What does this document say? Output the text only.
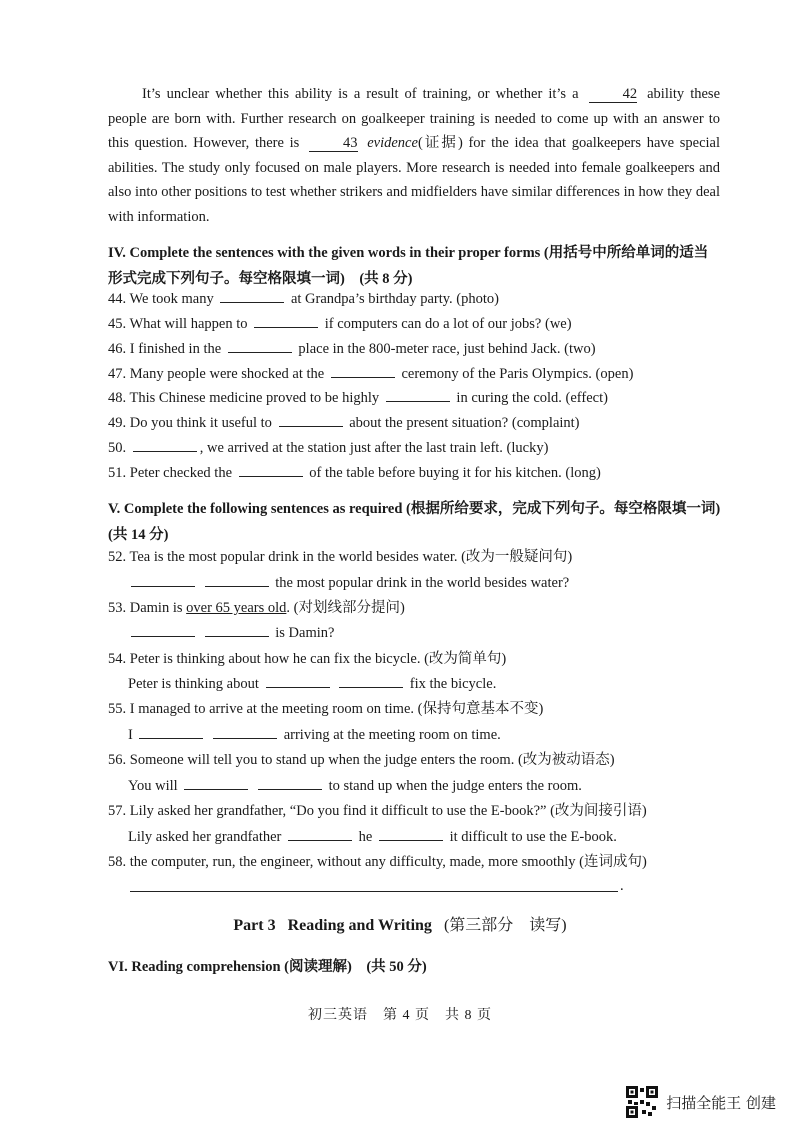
It’s unclear whether this ability is a result of training, or whether it’s a	42 ability these people are born with. Further research on goalkeeper training is needed to come up with an answer to this question. However, there is	43 evidence(证据) for the idea that goalkeepers have special abilities. The study only focused on male players. More research is needed into female goalkeepers and also into other positions to test whether strikers and midfielders have similar differences in how they deal with information.

IV. Complete the sentences with the given words in their proper forms (用括号中所给单词的适当形式完成下列句子。每空格限填一词)　(共 8 分)
44. We took many	at Grandpa’s birthday party. (photo)
45. What will happen to	if computers can do a lot of our jobs? (we)
46. I finished in the	place in the 800-meter race, just behind Jack. (two)
47. Many people were shocked at the	ceremony of the Paris Olympics. (open)
48. This Chinese medicine proved to be highly	in curing the cold. (effect)
49. Do you think it useful to	about the present situation? (complaint)
50.	, we arrived at the station just after the last train left. (lucky)
51. Peter checked the	of the table before buying it for his kitchen. (long)
V. Complete the following sentences as required (根据所给要求，完成下列句子。每空格限填一词)　(共 14 分)
52. Tea is the most popular drink in the world besides water. (改为一般疑问句)
the most popular drink in the world besides water?
53. Damin is over 65 years old. (对划线部分提问)
is Damin?
54. Peter is thinking about how he can fix the bicycle. (改为简单句)
Peter is thinking about	fix the bicycle.
55. I managed to arrive at the meeting room on time. (保持句意基本不变)
I	arriving at the meeting room on time.
56. Someone will tell you to stand up when the judge enters the room. (改为被动语态)
You will	to stand up when the judge enters the room.
57. Lily asked her grandfather, “Do you find it difficult to use the E-book?” (改为间接引语)
Lily asked her grandfather	he	it difficult to use the E-book.
58. the computer, run, the engineer, without any difficulty, made, more smoothly (连词成句)
.
Part 3 Reading and Writing (第三部分　读写)
VI. Reading comprehension (阅读理解)　(共 50 分)
初三英语　第 4 页　共 8 页
扫描全能王 创建
